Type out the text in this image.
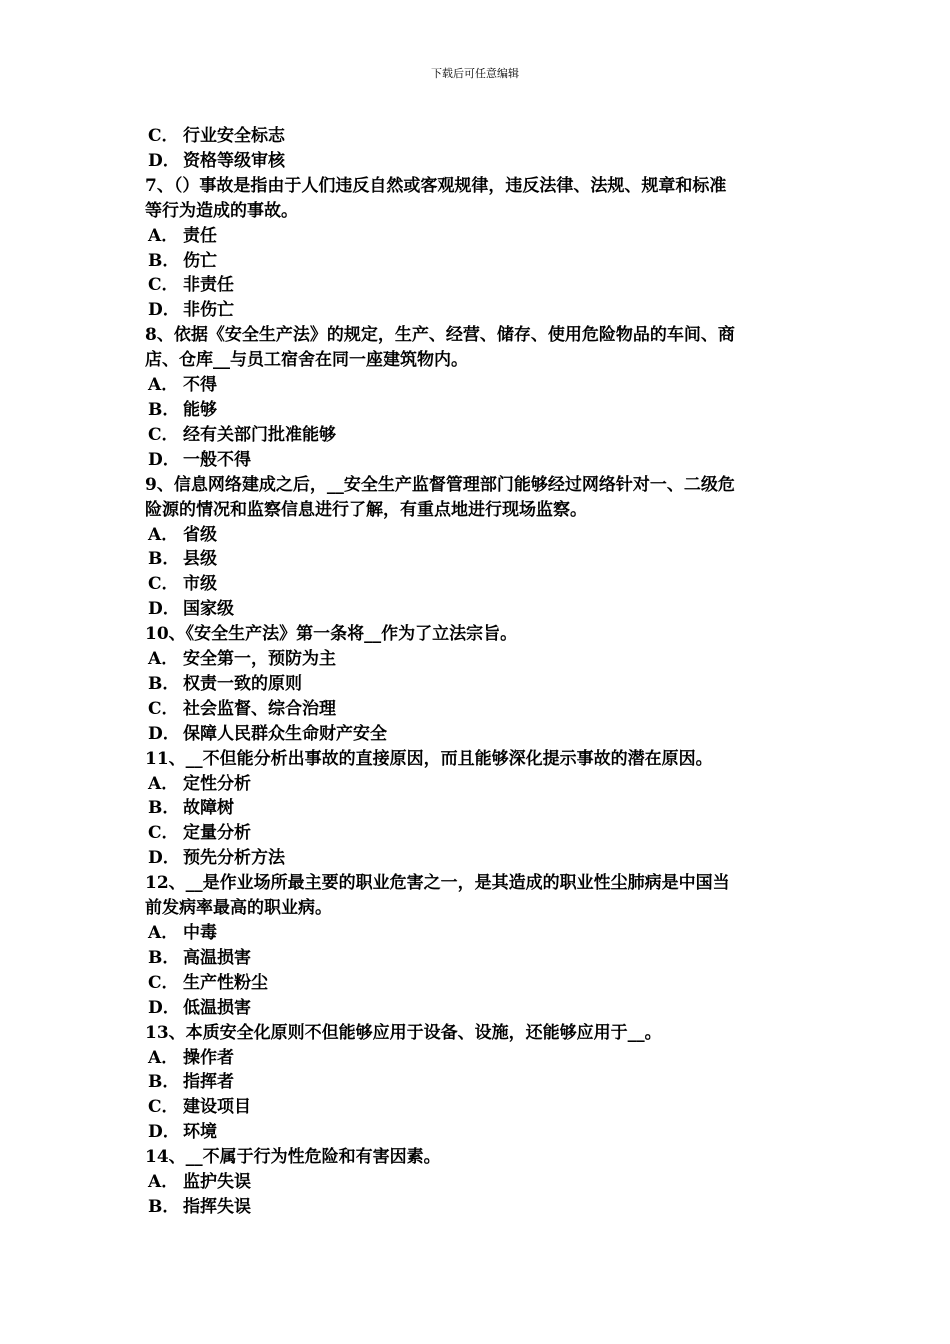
下载后可任意编辑
C． 行业安全标志
D． 资格等级审核
7、（）事故是指由于人们违反自然或客观规律，违反法律、法规、规章和标准
等行为造成的事故。
A． 责任
B． 伤亡
C． 非责任
D． 非伤亡
8、依据《安全生产法》的规定，生产、经营、储存、使用危险物品的车间、商
店、仓库__与员工宿舍在同一座建筑物内。
A． 不得
B． 能够
C． 经有关部门批准能够
D． 一般不得
9、信息网络建成之后，__安全生产监督管理部门能够经过网络针对一、二级危
险源的情况和监察信息进行了解，有重点地进行现场监察。
A． 省级
B． 县级
C． 市级
D． 国家级
10、《安全生产法》第一条将__作为了立法宗旨。
A． 安全第一，预防为主
B． 权责一致的原则
C． 社会监督、综合治理
D． 保障人民群众生命财产安全
11、__不但能分析出事故的直接原因，而且能够深化提示事故的潜在原因。
A． 定性分析
B． 故障树
C． 定量分析
D． 预先分析方法
12、__是作业场所最主要的职业危害之一，是其造成的职业性尘肺病是中国当
前发病率最高的职业病。
A． 中毒
B． 高温损害
C． 生产性粉尘
D． 低温损害
13、本质安全化原则不但能够应用于设备、设施，还能够应用于__。
A． 操作者
B． 指挥者
C． 建设项目
D． 环境
14、__不属于行为性危险和有害因素。
A． 监护失误
B． 指挥失误
